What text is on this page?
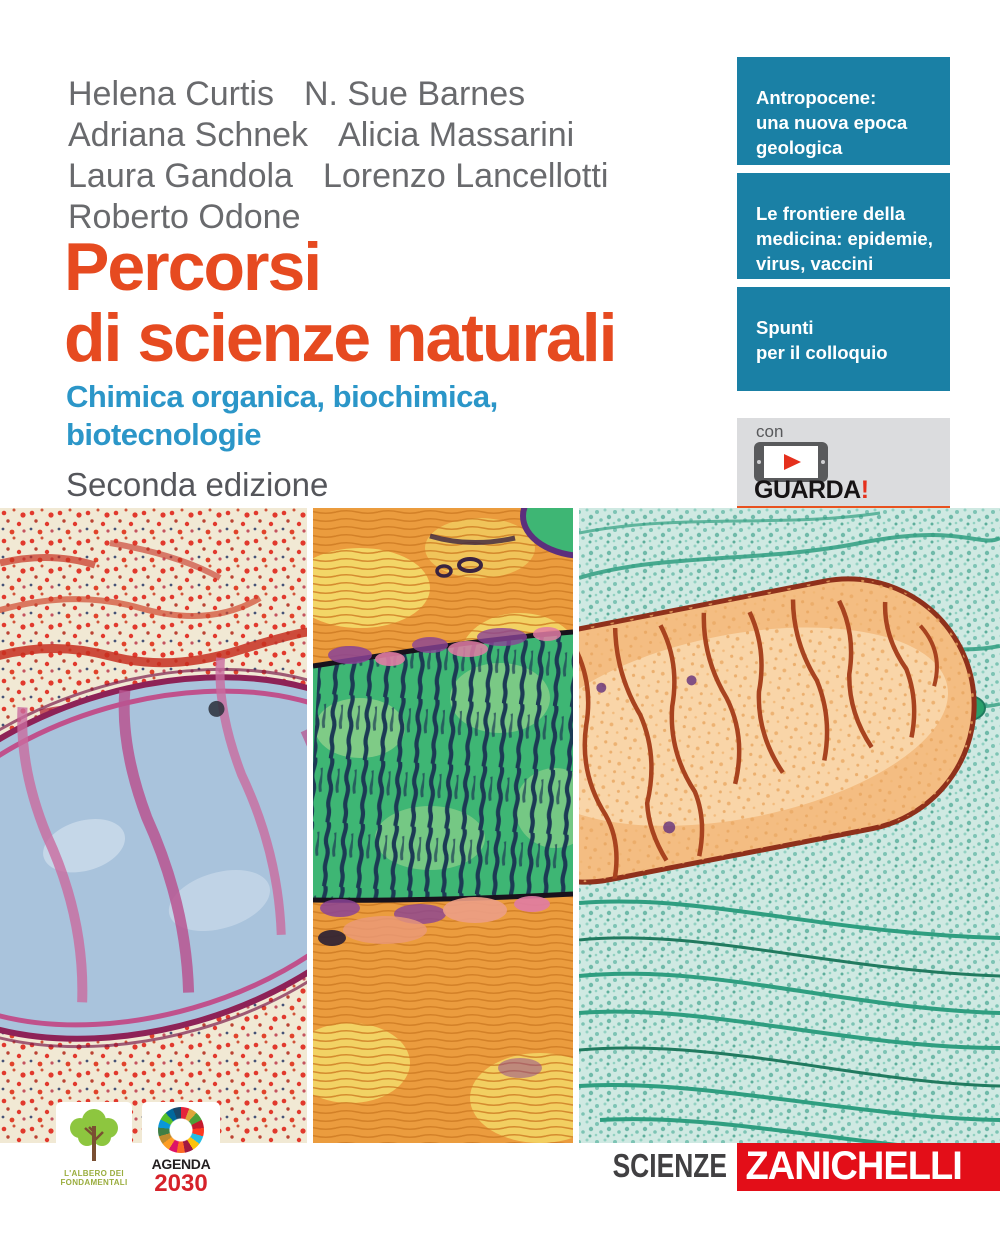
Helena Curtis N. Sue Barnes
Adriana Schnek Alicia Massarini
Laura Gandola Lorenzo Lancellotti
Roberto Odone
Percorsi
di scienze naturali
Chimica organica, biochimica,
biotecnologie
Seconda edizione
Antropocene:
una nuova epoca
geologica
Le frontiere della
medicina: epidemie,
virus, vaccini
Spunti
per il colloquio
con
GUARDA!
L'ALBERO DEI
FONDAMENTALI
AGENDA
2030	SCIENZE ZANICHELLI
